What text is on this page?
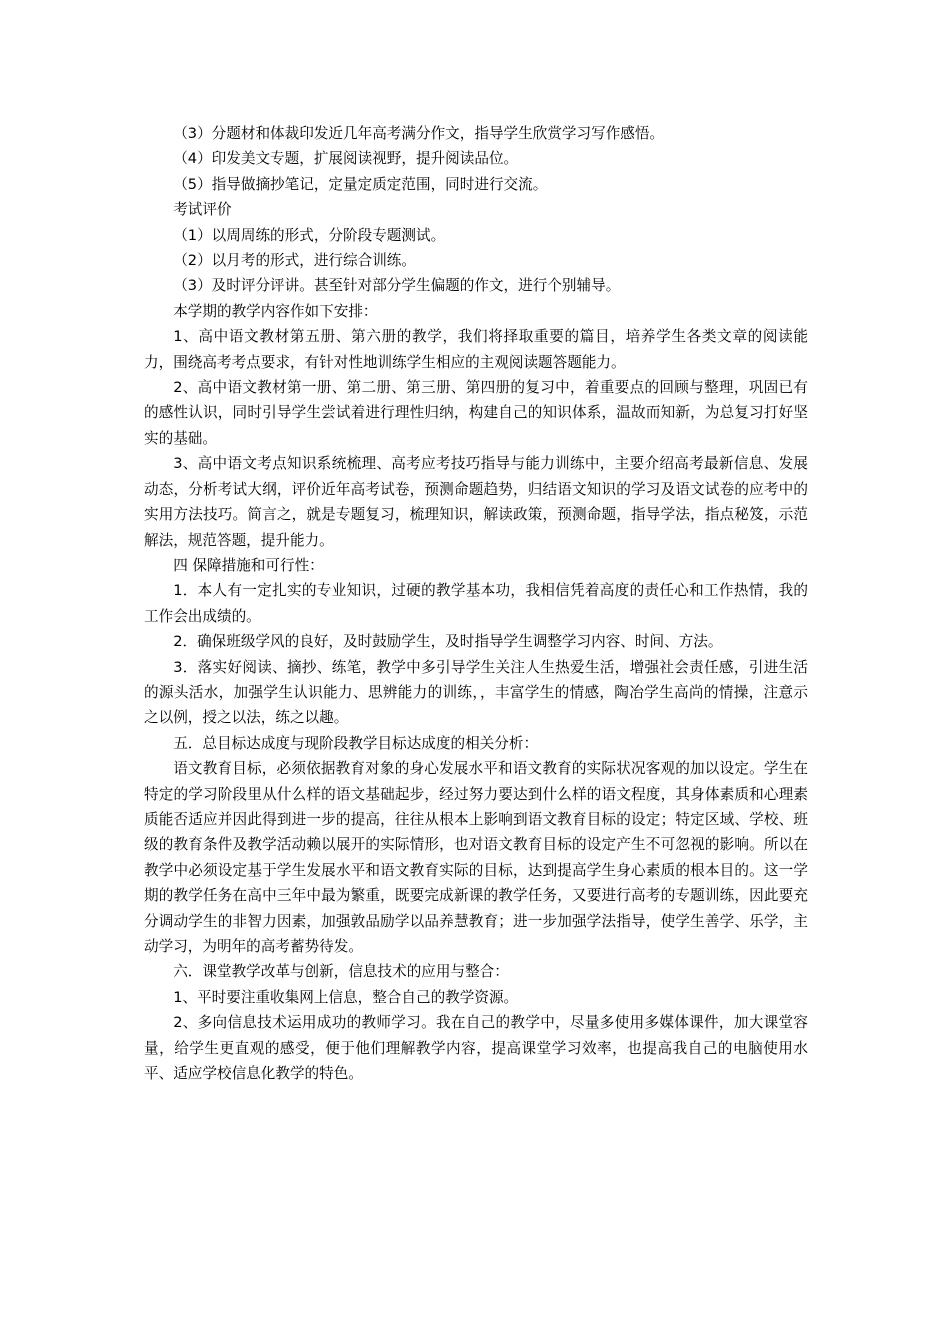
（3）分题材和体裁印发近几年高考满分作文，指导学生欣赏学习写作感悟。

（4）印发美文专题，扩展阅读视野，提升阅读品位。

（5）指导做摘抄笔记，定量定质定范围，同时进行交流。

考试评价

（1）以周周练的形式，分阶段专题测试。

（2）以月考的形式，进行综合训练。

（3）及时评分评讲。甚至针对部分学生偏题的作文，进行个别辅导。

本学期的教学内容作如下安排：

1、高中语文教材第五册、第六册的教学，我们将择取重要的篇目，培养学生各类文章的阅读能力，围绕高考考点要求，有针对性地训练学生相应的主观阅读题答题能力。

2、高中语文教材第一册、第二册、第三册、第四册的复习中，着重要点的回顾与整理，巩固已有的感性认识，同时引导学生尝试着进行理性归纳，构建自己的知识体系，温故而知新，为总复习打好坚实的基础。

3、高中语文考点知识系统梳理、高考应考技巧指导与能力训练中，主要介绍高考最新信息、发展动态，分析考试大纲，评价近年高考试卷，预测命题趋势，归结语文知识的学习及语文试卷的应考中的实用方法技巧。简言之，就是专题复习，梳理知识，解读政策，预测命题，指导学法，指点秘笈，示范解法，规范答题，提升能力。

四 保障措施和可行性：

1．本人有一定扎实的专业知识，过硬的教学基本功，我相信凭着高度的责任心和工作热情，我的工作会出成绩的。

2．确保班级学风的良好，及时鼓励学生，及时指导学生调整学习内容、时间、方法。

3．落实好阅读、摘抄、练笔，教学中多引导学生关注人生热爱生活，增强社会责任感，引进生活的源头活水，加强学生认识能力、思辨能力的训练，，丰富学生的情感，陶冶学生高尚的情操，注意示之以例，授之以法，练之以趣。

五．总目标达成度与现阶段教学目标达成度的相关分析：

语文教育目标，必须依据教育对象的身心发展水平和语文教育的实际状况客观的加以设定。学生在特定的学习阶段里从什么样的语文基础起步，经过努力要达到什么样的语文程度，其身体素质和心理素质能否适应并因此得到进一步的提高，往往从根本上影响到语文教育目标的设定；特定区域、学校、班级的教育条件及教学活动赖以展开的实际情形，也对语文教育目标的设定产生不可忽视的影响。所以在教学中必须设定基于学生发展水平和语文教育实际的目标，达到提高学生身心素质的根本目的。这一学期的教学任务在高中三年中最为繁重，既要完成新课的教学任务，又要进行高考的专题训练，因此要充分调动学生的非智力因素，加强敦品励学以品养慧教育；进一步加强学法指导，使学生善学、乐学，主动学习，为明年的高考蓄势待发。

六．课堂教学改革与创新，信息技术的应用与整合：

1、平时要注重收集网上信息，整合自己的教学资源。

2、多向信息技术运用成功的教师学习。我在自己的教学中，尽量多使用多媒体课件，加大课堂容量，给学生更直观的感受，便于他们理解教学内容，提高课堂学习效率，也提高我自己的电脑使用水平、适应学校信息化教学的特色。
